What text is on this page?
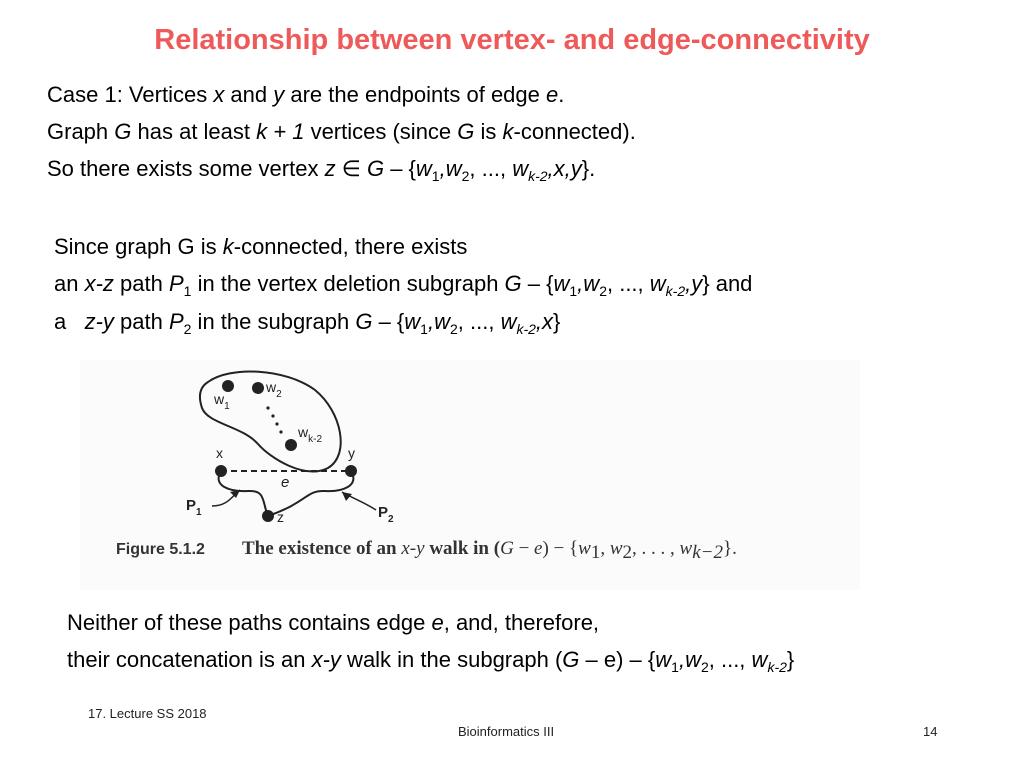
Relationship between vertex- and edge-connectivity

Case 1: Vertices x and y are the endpoints of edge e.

Graph G has at least k + 1 vertices (since G is k-connected).

So there exists some vertex z ∈ G – {$w_1,w_2$, ..., $w_{k-2},x,y$}.

Since graph G is k-connected, there exists

an x-z path $P_1$ in the vertex deletion subgraph G – {$w_1,w_2$, ..., $w_{k-2},y$} and

a   z-y path $P_2$ in the subgraph G – {$w_1,w_2$, ..., $w_{k-2},x$}

$w_1$
$w_2$
$w_{k-2}$
x	y
e
z
$P_1$	$P_2$
Figure 5.1.2 The existence of an x-y walk in (G − e) − {w1, w2, . . . , wk−2}.

Neither of these paths contains edge e, and, therefore,

their concatenation is an x-y walk in the subgraph $(G - e) - \{w_1,w_2$, ..., $w_{k-2}$}

17. Lecture SS 2018

Bioinformatics III	14
